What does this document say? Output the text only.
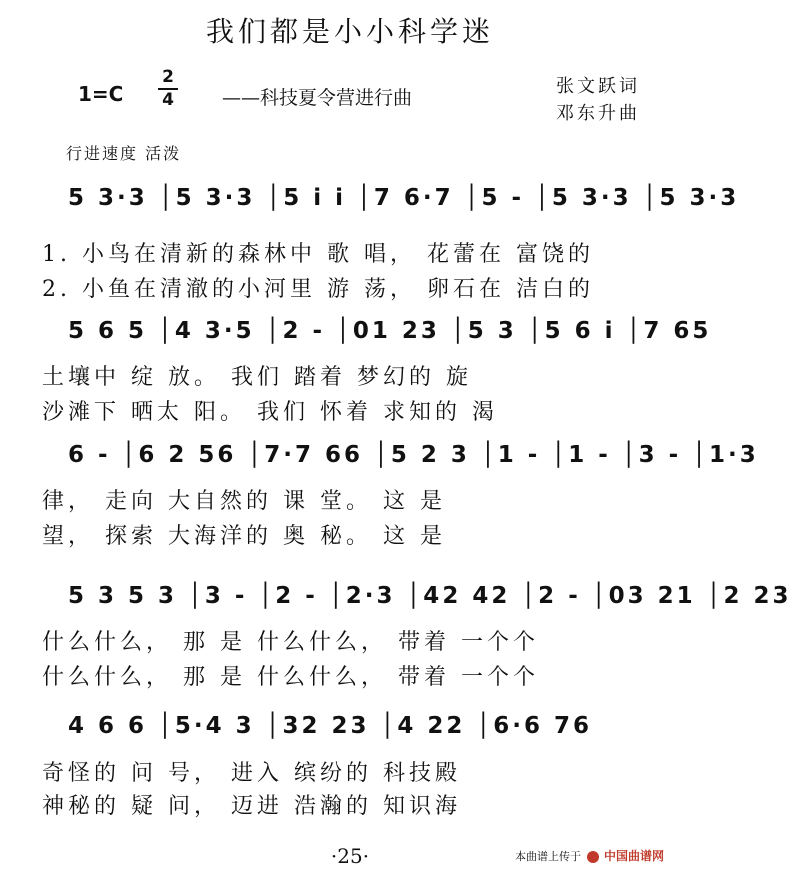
我们都是小小科学迷
1=C
2
4	——科技夏令营进行曲
张文跃词
邓东升曲
行进速度 活泼
5 3·3 │5 3·3 │5 i i │7 6·7 │5 - │5 3·3 │5 3·3
1. 小鸟在清新的森林中 歌 唱， 花蕾在 富饶的
2. 小鱼在清澈的小河里 游 荡， 卵石在 洁白的
5 6 5 │4 3·5 │2 - │01 23 │5 3 │5 6 i │7 65
土壤中 绽 放。 我们 踏着 梦幻的 旋
沙滩下 晒太 阳。 我们 怀着 求知的 渴
6 - │6 2 56 │7·7 66 │5 2 3 │1 - │1 - │3 - │1·3
律， 走向 大自然的 课 堂。 这 是
望， 探索 大海洋的 奥 秘。 这 是
5 3 5 3 │3 - │2 - │2·3 │42 42 │2 - │03 21 │2 23
什么什么， 那 是 什么什么， 带着 一个个
什么什么， 那 是 什么什么， 带着 一个个
4 6 6 │5·4 3 │32 23 │4 22 │6·6 76
奇怪的 问 号， 进入 缤纷的 科技殿
神秘的 疑 问， 迈进 浩瀚的 知识海
·25·	本曲谱上传于 中国曲谱网
